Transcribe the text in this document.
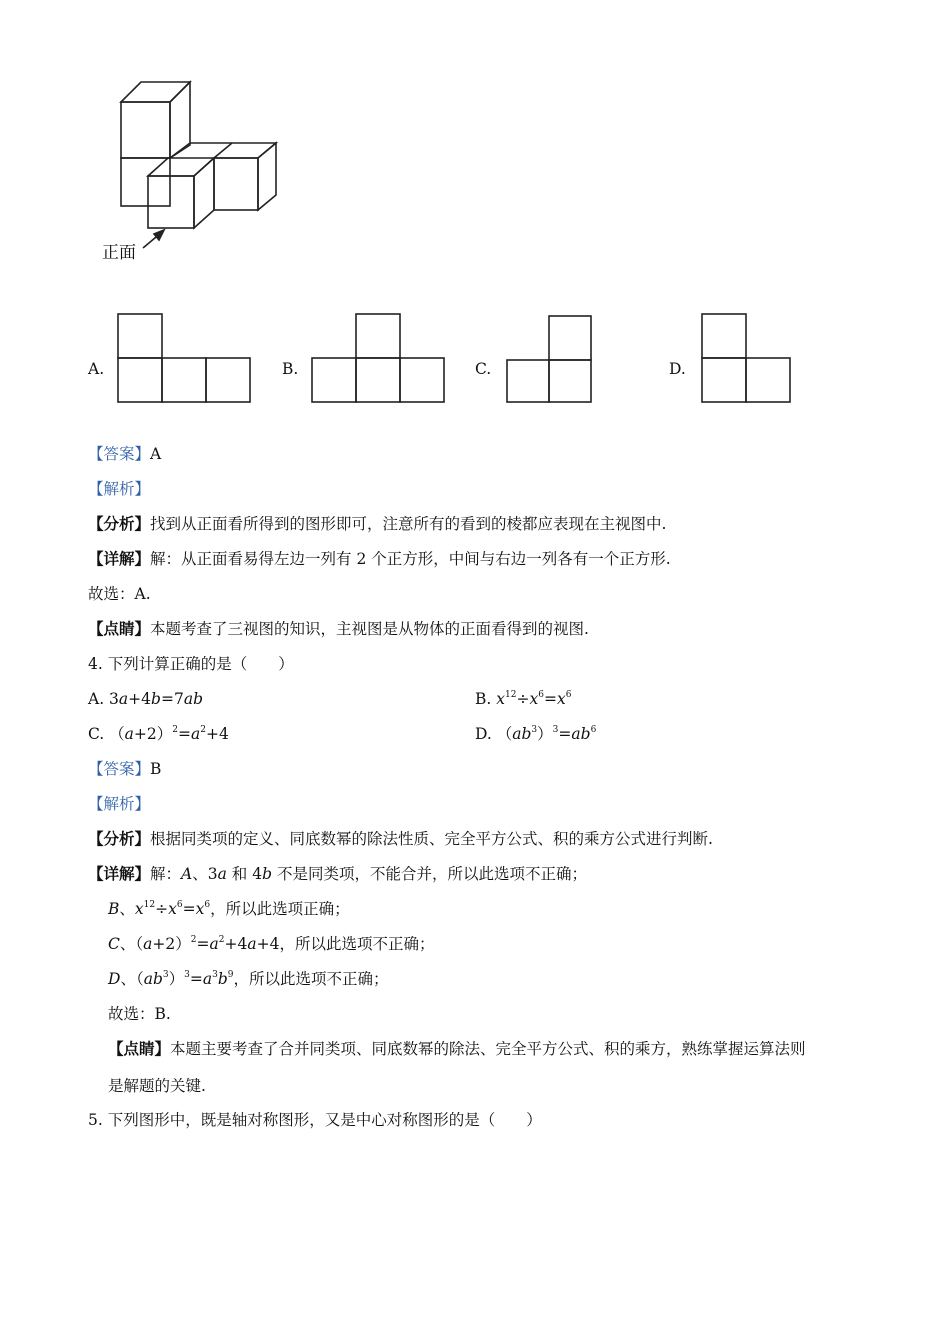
正面
A.	B.	C.	D.
【答案】A
【解析】
【分析】找到从正面看所得到的图形即可，注意所有的看到的棱都应表现在主视图中.
【详解】解：从正面看易得左边一列有 2 个正方形，中间与右边一列各有一个正方形.
故选：A.
【点睛】本题考查了三视图的知识，主视图是从物体的正面看得到的视图.
4. 下列计算正确的是（　　）
A. 3a+4b=7ab	B. $x^{12}\div x^6=x^6$
C. $(a+2)^2=a^2+4$	D. $(ab^3)^3=ab^6$
【答案】B
【解析】
【分析】根据同类项的定义、同底数幂的除法性质、完全平方公式、积的乘方公式进行判断.
【详解】解：A、3a 和 4b 不是同类项，不能合并，所以此选项不正确；
B、$x^{12}\div x^6=x^6$，所以此选项正确；
C、$(a+2)^2=a^2+4a+4$，所以此选项不正确；
D、$(ab^3)^3=a^3b^9$，所以此选项不正确；
故选：B.
【点睛】本题主要考查了合并同类项、同底数幂的除法、完全平方公式、积的乘方，熟练掌握运算法则
是解题的关键.
5. 下列图形中，既是轴对称图形，又是中心对称图形的是（　　）
